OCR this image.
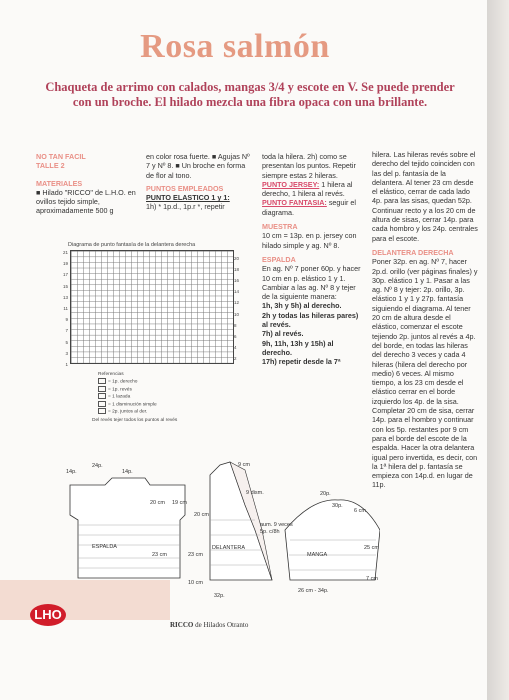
Rosa salmón
Chaqueta de arrimo con calados, mangas 3/4 y escote en V. Se puede prender con un broche. El hilado mezcla una fibra opaca con una brillante.
NO TAN FACIL TALLE 2
MATERIALES
■ Hilado "RICCO" de L.H.O. en ovillos tejido simple, aproximadamente 500 g
en color rosa fuerte. ■ Agujas Nº 7 y Nº 8. ■ Un broche en forma de flor al tono.
PUNTOS EMPLEADOS
PUNTO ELASTICO 1 y 1:
1h) * 1p.d., 1p.r *, repetir
toda la hilera. 2h) como se presentan los puntos. Repetir siempre estas 2 hileras.
PUNTO JERSEY: 1 hilera al derecho, 1 hilera al revés.
PUNTO FANTASIA: seguir el diagrama.
MUESTRA
10 cm = 13p. en p. jersey con hilado simple y ag. Nº 8.
ESPALDA
En ag. Nº 7 poner 60p. y hacer 10 cm en p. elástico 1 y 1. Cambiar a las ag. Nº 8 y tejer de la siguiente manera:
1h, 3h y 5h) al derecho.
2h y todas las hileras pares) al revés.
7h) al revés.
9h, 11h, 13h y 15h) al derecho.
17h) repetir desde la 7ª
hilera. Las hileras revés sobre el derecho del tejido coinciden con las del p. fantasía de la delantera. Al tener 23 cm desde el elástico, cerrar de cada lado 4p. para las sisas, quedan 52p. Continuar recto y a los 20 cm de altura de sisas, cerrar 14p. para cada hombro y los 24p. centrales para el escote.
DELANTERA DERECHA
Poner 32p. en ag. Nº 7, hacer 2p.d. orillo (ver páginas finales) y 30p. elástico 1 y 1. Pasar a las ag. Nº 8 y tejer: 2p. orillo, 3p. elástico 1 y 1 y 27p. fantasía siguiendo el diagrama. Al tener 20 cm de altura desde el elástico, comenzar el escote tejiendo 2p. juntos al revés a 4p. del borde, en todas las hileras del derecho 3 veces y cada 4 hileras (hilera del derecho por medio) 6 veces. Al mismo tiempo, a los 23 cm desde el elástico cerrar en el borde izquierdo los 4p. de la sisa. Completar 20 cm de sisa, cerrar 14p. para el hombro y continuar con los 5p. restantes por 9 cm para el borde del escote de la espalda. Hacer la otra delantera igual pero invertida, es decir, con la 1ª hilera del p. fantasía se empieza con 14p.d. en lugar de 11p.
Diagrama de punto fantasía de la delantera derecha
21
19
17
15
13
11
9
7
5
3
1
20
18
16
14
12
10
8
6
4
2
Referencias
= 1p. derecho
= 1p. revés
= 1 lazada
= 1 disminución simple
= 2p. juntos al der.
Del revés tejer todos los puntos al revés
ESPALDA	DELANTERA
MANGA
14p.
24p.
14p.
20 cm 19 cm
23 cm
9 cm
9 dism.
20 cm
23 cm
10 cm
32p.
20p.
6 cm
30p.
aum. 9 veces 5p. c/8h
25 cm
7 cm
26 cm - 34p.
LHO
RICCO de Hilados Otranto
